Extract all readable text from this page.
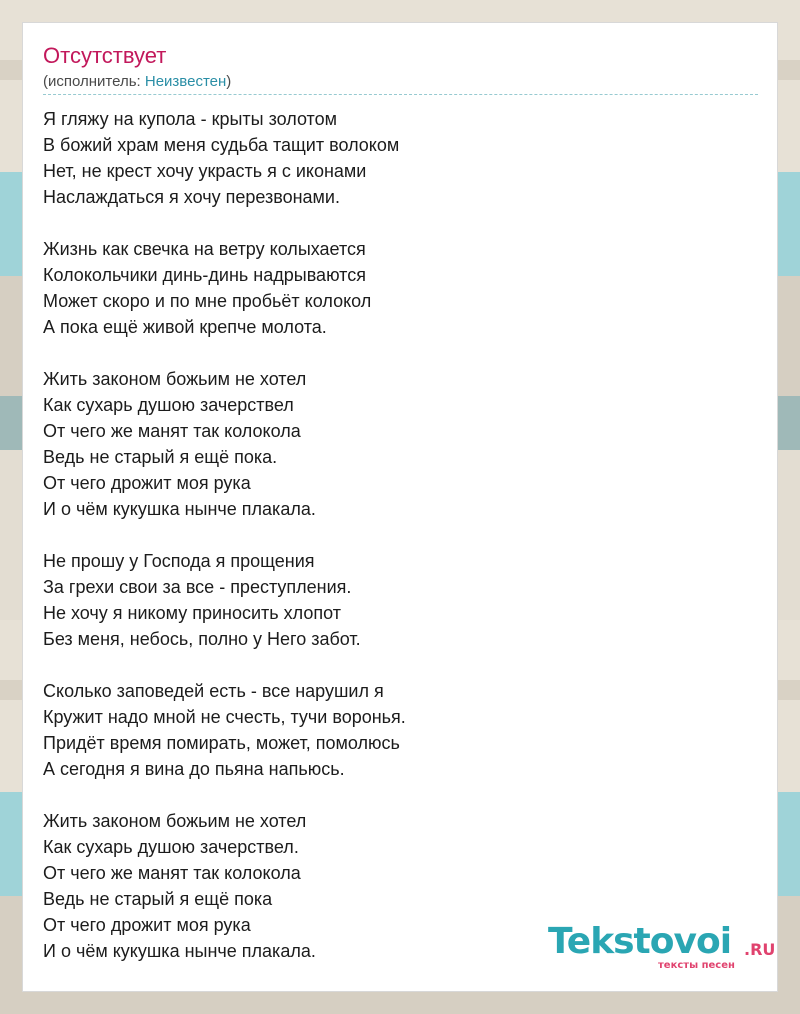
Отсутствует
(исполнитель: Неизвестен)
Я гляжу на купола - крыты золотом
В божий храм меня судьба тащит волоком
Нет, не крест хочу украсть я с иконами
Наслаждаться я хочу перезвонами.
Жизнь как свечка на ветру колыхается
Колокольчики динь-динь надрываются
Может скоро и по мне пробьёт колокол
А пока ещё живой крепче молота.
Жить законом божьим не хотел
Как сухарь душою зачерствел
От чего же манят так колокола
Ведь не старый я ещё пока.
От чего дрожит моя рука
И о чём кукушка нынче плакала.
Не прошу у Господа я прощения
За грехи свои за все - преступления.
Не хочу я никому приносить хлопот
Без меня, небось, полно у Него забот.
Сколько заповедей есть - все нарушил я
Кружит надо мной не счесть, тучи воронья.
Придёт время помирать, может, помолюсь
А сегодня я вина до пьяна напьюсь.
Жить законом божьим не хотел
Как сухарь душою зачерствел.
От чего же манят так колокола
Ведь не старый я ещё пока
От чего дрожит моя рука
И о чём кукушка нынче плакала.	Tekstovoi .RU
тексты песен
